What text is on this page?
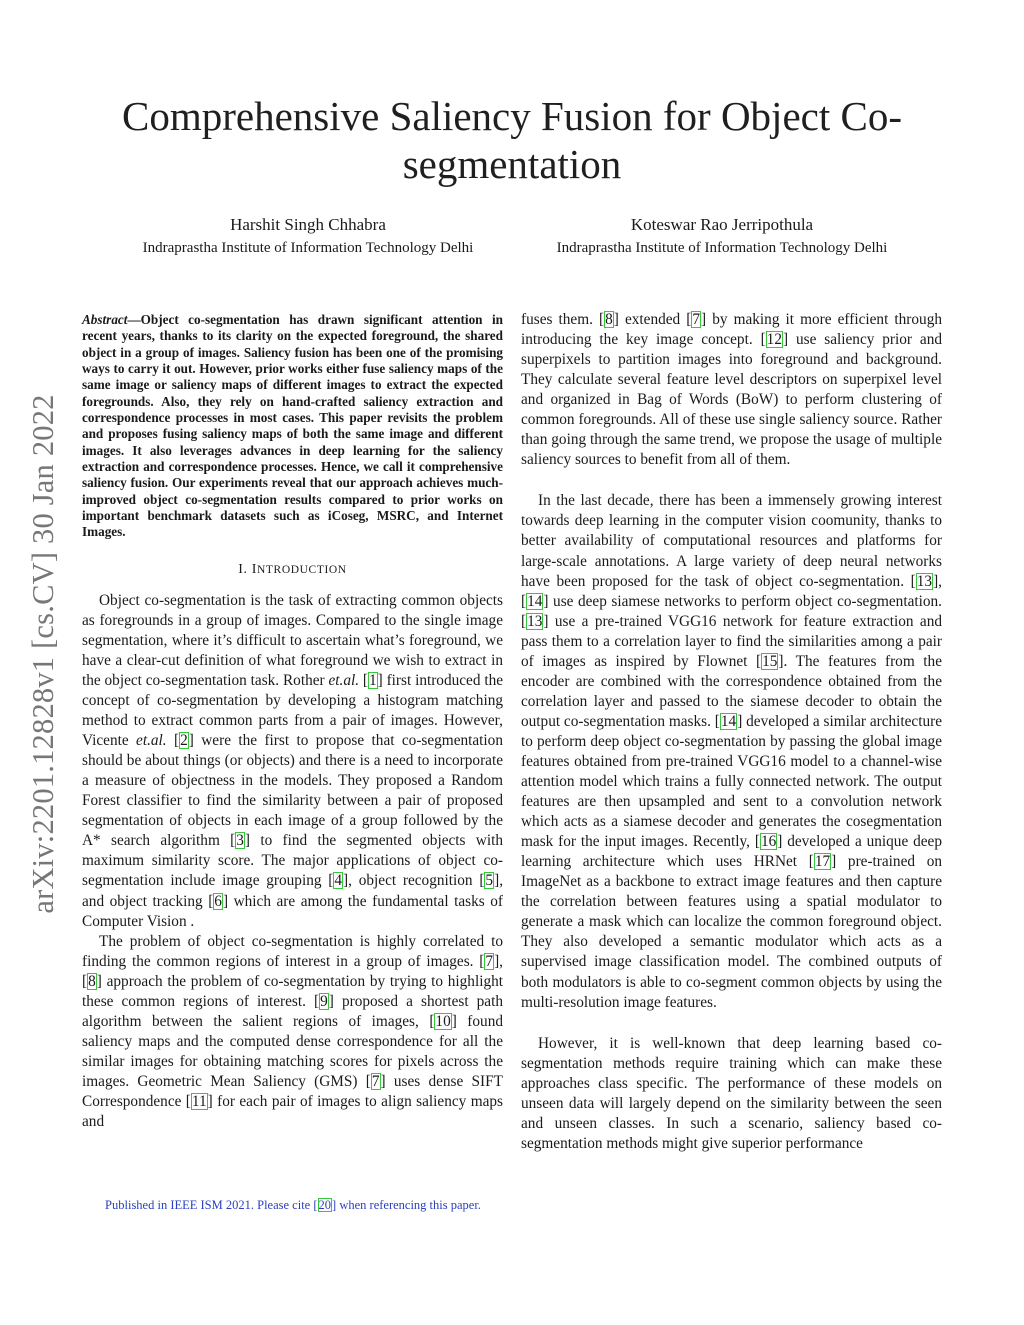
Comprehensive Saliency Fusion for Object Co-segmentation
Harshit Singh Chhabra
Indraprastha Institute of Information Technology Delhi
Koteswar Rao Jerripothula
Indraprastha Institute of Information Technology Delhi
arXiv:2201.12828v1 [cs.CV] 30 Jan 2022
Abstract—Object co-segmentation has drawn significant attention in recent years, thanks to its clarity on the expected foreground, the shared object in a group of images. Saliency fusion has been one of the promising ways to carry it out. However, prior works either fuse saliency maps of the same image or saliency maps of different images to extract the expected foregrounds. Also, they rely on hand-crafted saliency extraction and correspondence processes in most cases. This paper revisits the problem and proposes fusing saliency maps of both the same image and different images. It also leverages advances in deep learning for the saliency extraction and correspondence processes. Hence, we call it comprehensive saliency fusion. Our experiments reveal that our approach achieves much-improved object co-segmentation results compared to prior works on important benchmark datasets such as iCoseg, MSRC, and Internet Images.
I. INTRODUCTION

Object co-segmentation is the task of extracting common objects as foregrounds in a group of images. Compared to the single image segmentation, where it’s difficult to ascertain what’s foreground, we have a clear-cut definition of what foreground we wish to extract in the object co-segmentation task. Rother et.al. [1] first introduced the concept of co-segmentation by developing a histogram matching method to extract common parts from a pair of images. However, Vicente et.al. [2] were the first to propose that co-segmentation should be about things (or objects) and there is a need to incorporate a measure of objectness in the models. They proposed a Random Forest classifier to find the similarity between a pair of proposed segmentation of objects in each image of a group followed by the A* search algorithm [3] to find the segmented objects with maximum similarity score. The major applications of object co-segmentation include image grouping [4], object recognition [5], and object tracking [6] which are among the fundamental tasks of Computer Vision .

The problem of object co-segmentation is highly correlated to finding the common regions of interest in a group of images. [7], [8] approach the problem of co-segmentation by trying to highlight these common regions of interest. [9] proposed a shortest path algorithm between the salient regions of images, [10] found saliency maps and the computed dense correspondence for all the similar images for obtaining matching scores for pixels across the images. Geometric Mean Saliency (GMS) [7] uses dense SIFT Correspondence [11] for each pair of images to align saliency maps and

fuses them. [8] extended [7] by making it more efficient through introducing the key image concept. [12] use saliency prior and superpixels to partition images into foreground and background. They calculate several feature level descriptors on superpixel level and organized in Bag of Words (BoW) to perform clustering of common foregrounds. All of these use single saliency source. Rather than going through the same trend, we propose the usage of multiple saliency sources to benefit from all of them.

In the last decade, there has been a immensely growing interest towards deep learning in the computer vision coomunity, thanks to better availability of computational resources and platforms for large-scale annotations. A large variety of deep neural networks have been proposed for the task of object co-segmentation. [13], [14] use deep siamese networks to perform object co-segmentation. [13] use a pre-trained VGG16 network for feature extraction and pass them to a correlation layer to find the similarities among a pair of images as inspired by Flownet [15]. The features from the encoder are combined with the correspondence obtained from the correlation layer and passed to the siamese decoder to obtain the output co-segmentation masks. [14] developed a similar architecture to perform deep object co-segmentation by passing the global image features obtained from pre-trained VGG16 model to a channel-wise attention model which trains a fully connected network. The output features are then upsampled and sent to a convolution network which acts as a siamese decoder and generates the cosegmentation mask for the input images. Recently, [16] developed a unique deep learning architecture which uses HRNet [17] pre-trained on ImageNet as a backbone to extract image features and then capture the correlation between features using a spatial modulator to generate a mask which can localize the common foreground object. They also developed a semantic modulator which acts as a supervised image classification model. The combined outputs of both modulators is able to co-segment common objects by using the multi-resolution image features.

However, it is well-known that deep learning based co-segmentation methods require training which can make these approaches class specific. The performance of these models on unseen data will largely depend on the similarity between the seen and unseen classes. In such a scenario, saliency based co-segmentation methods might give superior performance

Published in IEEE ISM 2021. Please cite [20] when referencing this paper.
